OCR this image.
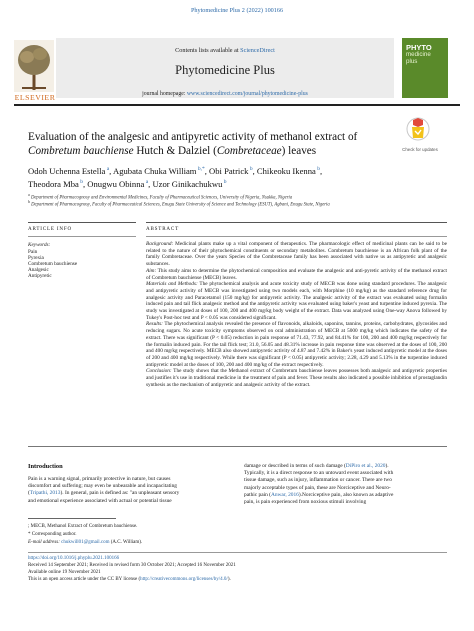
Phytomedicine Plus 2 (2022) 100166
Contents lists available at ScienceDirect
Phytomedicine Plus
journal homepage: www.sciencedirect.com/journal/phytomedicine-plus
ELSEVIER
PHYTO
medicine
plus
Evaluation of the analgesic and antipyretic activity of methanol extract of Combretum bauchiense Hutch & Dalziel (Combretaceae) leaves	Check for updates
Odoh Uchenna Estella $^a$, Agubata Chuka William $^{b,*}$, Obi Patrick $^b$, Chikeoku Ikenna $^b$,
Theodora Mba $^b$, Onugwu Obinna $^a$, Uzor Ginikachukwu $^b$
a Department of Pharmacognosy and Environmental Medicines, Faculty of Pharmaceutical Sciences, University of Nigeria, Nsukka, Nigeria
b Department of Pharmacognosy, Faculty of Pharmaceutical Sciences, Enugu State University of Science and Technology (ESUT), Agbani, Enugu State, Nigeria
ARTICLE INFO	ABSTRACT
Keywords:
Pain
Pyrexia
Combretum bauchiense
Analgesic
Antipyretic

Background: Medicinal plants make up a vital component of therapeutics. The pharmacologic effect of medicinal plants can be said to be related to the nature of their phytochemical constituents or secondary metabolites. Combretum bauchiense is an African folk plant of the family Combretaceae. Over the years Species of the Combretaceae family has been associated with native us as antipyretic and analgesic substances.

Aim: This study aims to determine the phytochemical composition and evaluate the analgesic and anti-pyretic activity of the methanol extract of Combretum bauchiense (MECB) leaves.

Materials and Methods: The phytochemical analysis and acute toxicity study of MECB was done using standard procedures. The analgesic and antipyretic activity of MECB was investigated using two models each, with Morphine (10 mg/kg) as the standard reference drug for analgesic activity and Paracetamol (150 mg/kg) for antipyretic activity. The analgesic activity of the extract was evaluated using formalin induced pain and tail flick analgesic method and the antipyretic activity was evaluated using baker's yeast and turpentine induced pyrexia. The study was investigated at doses of 100, 200 and 400 mg/kg body weight of the extract. Data was analyzed using One-way Anova followed by Tukey's Post-hoc test and P < 0.05 was considered significant.

Results: The phytochemical analysis revealed the presence of flavonoids, alkaloids, saponins, tannins, proteins, carbohydrates, glycosides and reducing sugars. No acute toxicity symptoms observed on oral administration of MECB at 5000 mg/kg which indicates the safety of the extract. There was significant (P < 0.05) reduction in pain response of 71.43, 77.92, and 84.41% for 100, 200 and 400 mg/kg respectively for the formalin induced pain. For the tail flick test; 31.0, 56.05 and 48.31% increase in pain response time was observed at the doses of 100, 200 and 400 mg/kg respectively. MECB also showed antipyretic activity of 4.87 and 7.42% in Baker's yeast induced antipyretic model at the doses of 200 and 400 mg/kg respectively. While there was significant (P < 0.05) antipyretic activity; 2.28, 4.29 and 5.13% in the turpentine induced antipyretic model at the doses of 100, 200 and 400 mg/kg of the extract respectively.

Conclusion: The study shows that the Methanol extract of Combretum bauchiense leaves possesses both analgesic and antipyretic properties and justifies it's use in traditional medicine in the treatment of pain and fever. These results also indicated a possible inhibition of prostaglandin synthesis as the mechanism of antipyretic and analgesic activity of the extract.

Introduction
Pain is a warning signal, primarily protective in nature, but causes
discomfort and suffering; may even be unbearable and incapacitating
(Tripathi, 2013). In general, pain is defined as: "an unpleasant sensory
and emotional experience associated with actual or potential tissue
damage or described in terms of such damage (DiPiro et al., 2020).
Typically, it is a direct response to an untoward event associated with
tissue damage, such as injury, inflammation or cancer. There are two
majorly acceptable types of pain, these are Norciceptive and Neuro-
pathic pain (Anwar, 2016).Norciceptive pain, also known as adaptive
pain, is pain experienced from noxious stimuli involving
; MECB, Methanol Extract of Combretum bauchiense.
* Corresponding author.
E-mail address: chukwill01@gmail.com (A.C. William).
https://doi.org/10.1016/j.phyplu.2021.100166
Received 14 September 2021; Received in revised form 30 October 2021; Accepted 16 November 2021
Available online 19 November 2021
This is an open access article under the CC BY license (http://creativecommons.org/licenses/by/4.0/).
